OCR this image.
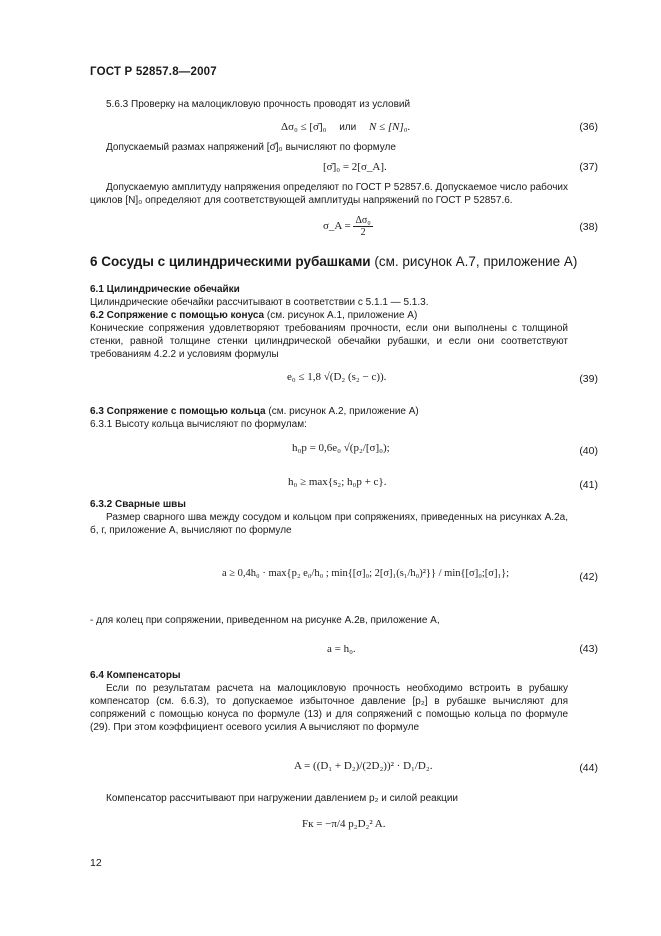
ГОСТ Р 52857.8—2007
5.6.3 Проверку на малоцикловую прочность проводят из условий
Δσ₀ ≤ [σ̄]₀ или N ≤ [N]₀.	(36)
Допускаемый размах напряжений [σ̄]₀ вычисляют по формуле
[σ̄]₀ = 2[σ_A].	(37)
Допускаемую амплитуду напряжения определяют по ГОСТ Р 52857.6. Допускаемое число рабочих циклов [N]₀ определяют для соответствующей амплитуды напряжений по ГОСТ Р 52857.6.
σ_A = $\frac{\text{Δσ₀}}{2}$	(38)
6 Сосуды с цилиндрическими рубашками (см. рисунок А.7, приложение А)
6.1 Цилиндрические обечайки
Цилиндрические обечайки рассчитывают в соответствии с 5.1.1 — 5.1.3.
6.2 Сопряжение с помощью конуса (см. рисунок А.1, приложение А)
Конические сопряжения удовлетворяют требованиям прочности, если они выполнены с толщиной стенки, равной толщине стенки цилиндрической обечайки рубашки, и если они соответствуют требованиям 4.2.2 и условиям формулы
e₀ ≤ 1,8 √(D₂ (s₂ − c)).	(39)
6.3 Сопряжение с помощью кольца (см. рисунок А.2, приложение А)
6.3.1 Высоту кольца вычисляют по формулам:
h₀p = 0,6e₀ √(p₂/[σ]₀);	(40)
h₀ ≥ max{s₂; h₀p + c}.	(41)
6.3.2 Сварные швы
Размер сварного шва между сосудом и кольцом при сопряжениях, приведенных на рисунках А.2а, б, г, приложение А, вычисляют по формуле
a ≥ 0,4h₀ · max{p₂ e₀/h₀ ; min{[σ]₀; 2[σ]₁(s₁/h₀)²}} / min{[σ]₀;[σ]₁};	(42)
- для колец при сопряжении, приведенном на рисунке А.2в, приложение А,
a = h₀.	(43)
6.4 Компенсаторы
Если по результатам расчета на малоцикловую прочность необходимо встроить в рубашку компенсатор (см. 6.6.3), то допускаемое избыточное давление [p₂] в рубашке вычисляют для сопряжений с помощью конуса по формуле (13) и для сопряжений с помощью кольца по формуле (29). При этом коэффициент осевого усилия A вычисляют по формуле
A = ((D₁ + D₂)/(2D₂))² · D₁/D₂.	(44)
Компенсатор рассчитывают при нагружении давлением p₂ и силой реакции
Fк = −π/4 p₂D₂² A.
12
